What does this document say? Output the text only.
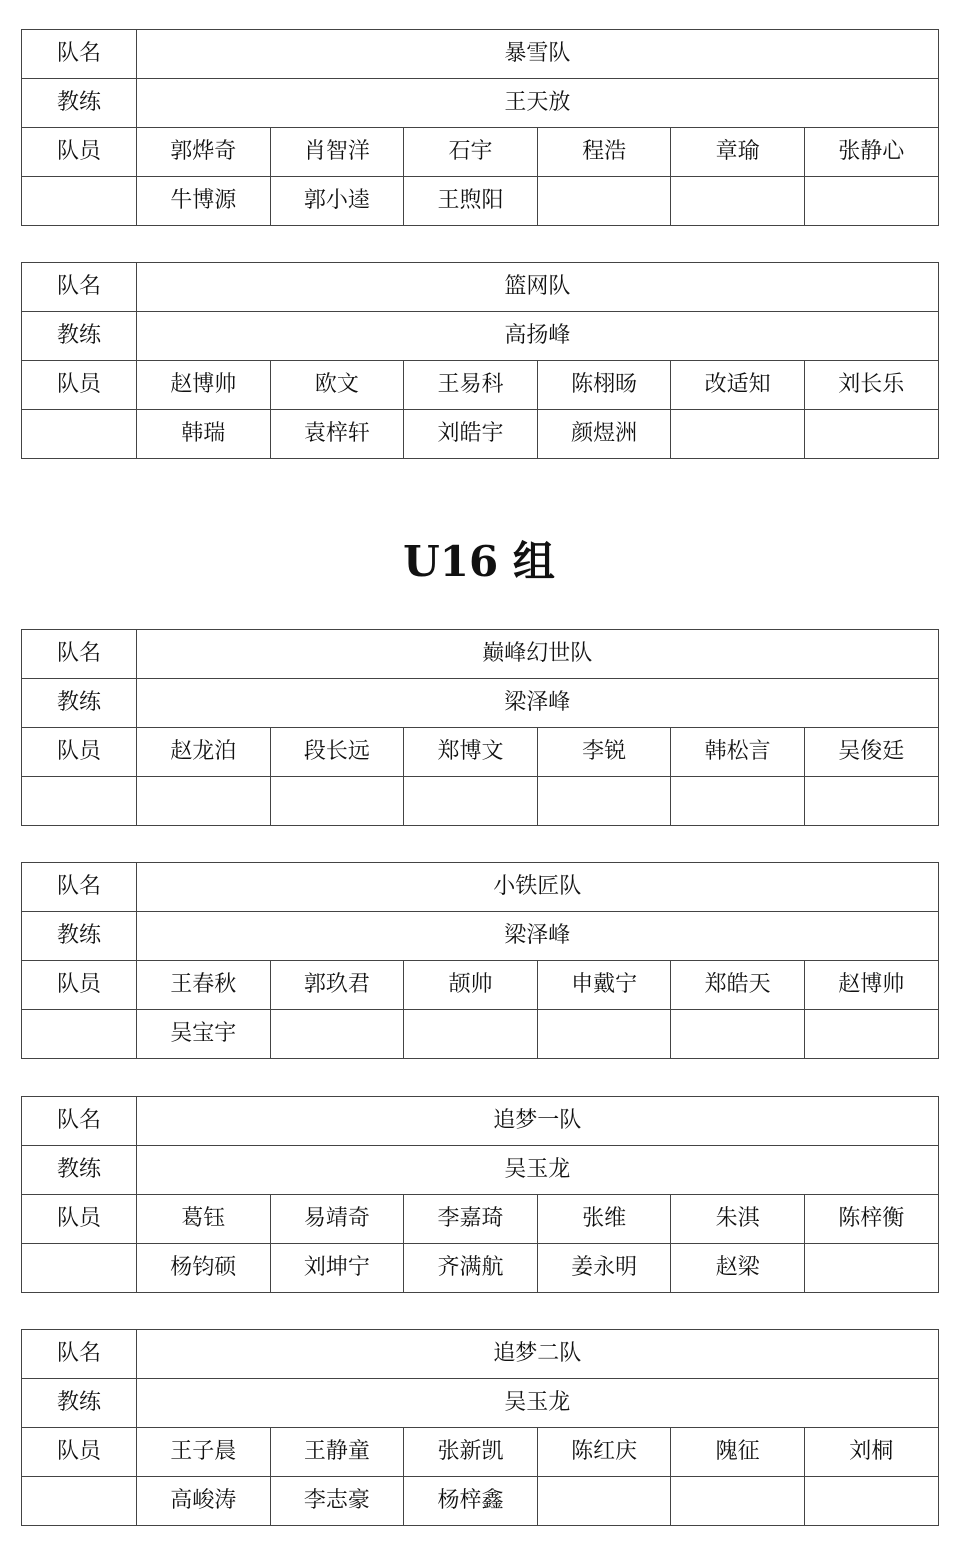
队名	暴雪队					
教练	王天放					
队员	郭烨奇	肖智洋	石宇	程浩	章瑜	张静心
	牛博源	郭小逵	王煦阳			
队名	篮网队					
教练	高扬峰					
队员	赵博帅	欧文	王易科	陈栩旸	改适知	刘长乐
	韩瑞	袁梓轩	刘皓宇	颜煜洲		
队名	巅峰幻世队					
教练	梁泽峰					
队员	赵龙泊	段长远	郑博文	李锐	韩松言	吴俊廷

队名	小铁匠队					
教练	梁泽峰					
队员	王春秋	郭玖君	颉帅	申戴宁	郑皓天	赵博帅
	吴宝宇					
队名	追梦一队					
教练	吴玉龙					
队员	葛钰	易靖奇	李嘉琦	张维	朱淇	陈梓衡
	杨钧硕	刘坤宁	齐满航	姜永明	赵梁	
队名	追梦二队					
教练	吴玉龙					
队员	王子晨	王静童	张新凯	陈红庆	隗征	刘桐
	高峻涛	李志豪	杨梓鑫			
U16 组
